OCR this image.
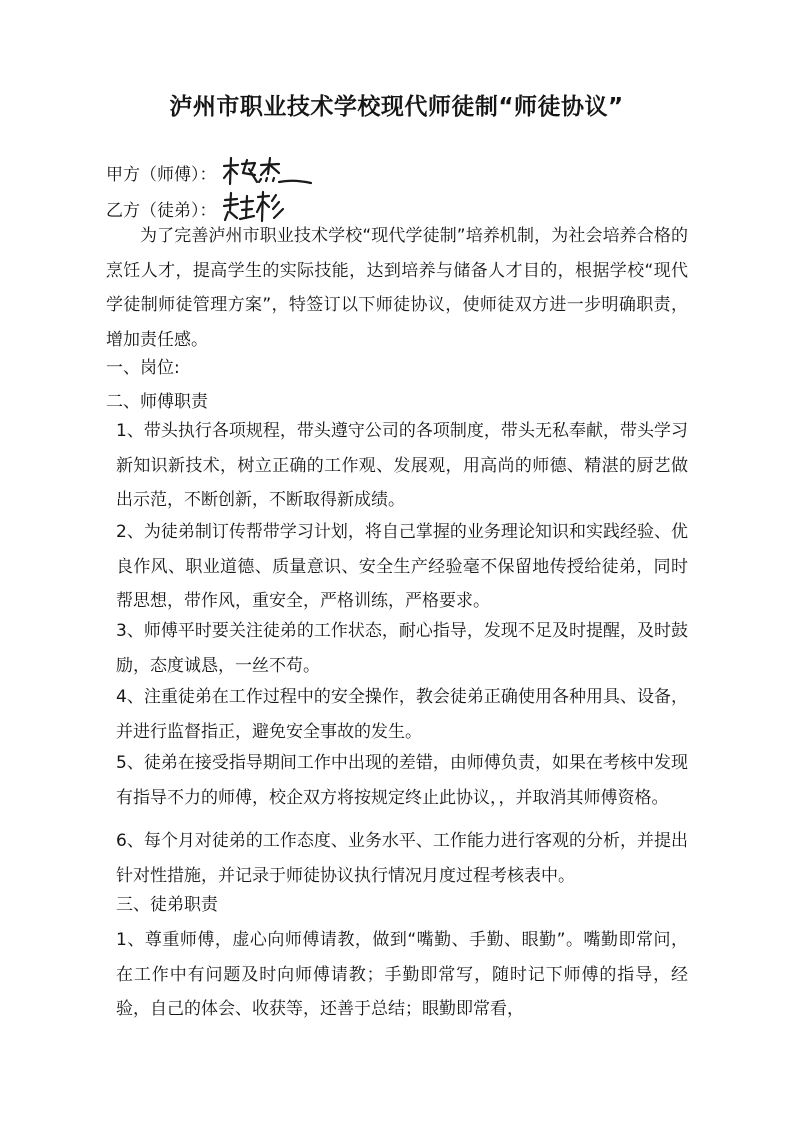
泸州市职业技术学校现代师徒制“师徒协议”
甲方（师傅）：
乙方（徒弟）：

为了完善泸州市职业技术学校“现代学徒制”培养机制，为社会培养合格的烹饪人才，提高学生的实际技能，达到培养与储备人才目的，根据学校“现代学徒制师徒管理方案”，特签订以下师徒协议，使师徒双方进一步明确职责，增加责任感。

一、岗位:
二、师傅职责

1、带头执行各项规程，带头遵守公司的各项制度，带头无私奉献，带头学习新知识新技术，树立正确的工作观、发展观，用高尚的师德、精湛的厨艺做出示范，不断创新，不断取得新成绩。

2、为徒弟制订传帮带学习计划，将自己掌握的业务理论知识和实践经验、优良作风、职业道德、质量意识、安全生产经验毫不保留地传授给徒弟，同时帮思想，带作风，重安全，严格训练，严格要求。

3、师傅平时要关注徒弟的工作状态，耐心指导，发现不足及时提醒，及时鼓励，态度诚恳，一丝不苟。

4、注重徒弟在工作过程中的安全操作，教会徒弟正确使用各种用具、设备，并进行监督指正，避免安全事故的发生。

5、徒弟在接受指导期间工作中出现的差错，由师傅负责，如果在考核中发现有指导不力的师傅，校企双方将按规定终止此协议，，并取消其师傅资格。

6、每个月对徒弟的工作态度、业务水平、工作能力进行客观的分析，并提出针对性措施，并记录于师徒协议执行情况月度过程考核表中。

三、徒弟职责

1、尊重师傅，虚心向师傅请教，做到“嘴勤、手勤、眼勤”。嘴勤即常问，在工作中有问题及时向师傅请教；手勤即常写，随时记下师傅的指导，经验，自己的体会、收获等，还善于总结；眼勤即常看，
